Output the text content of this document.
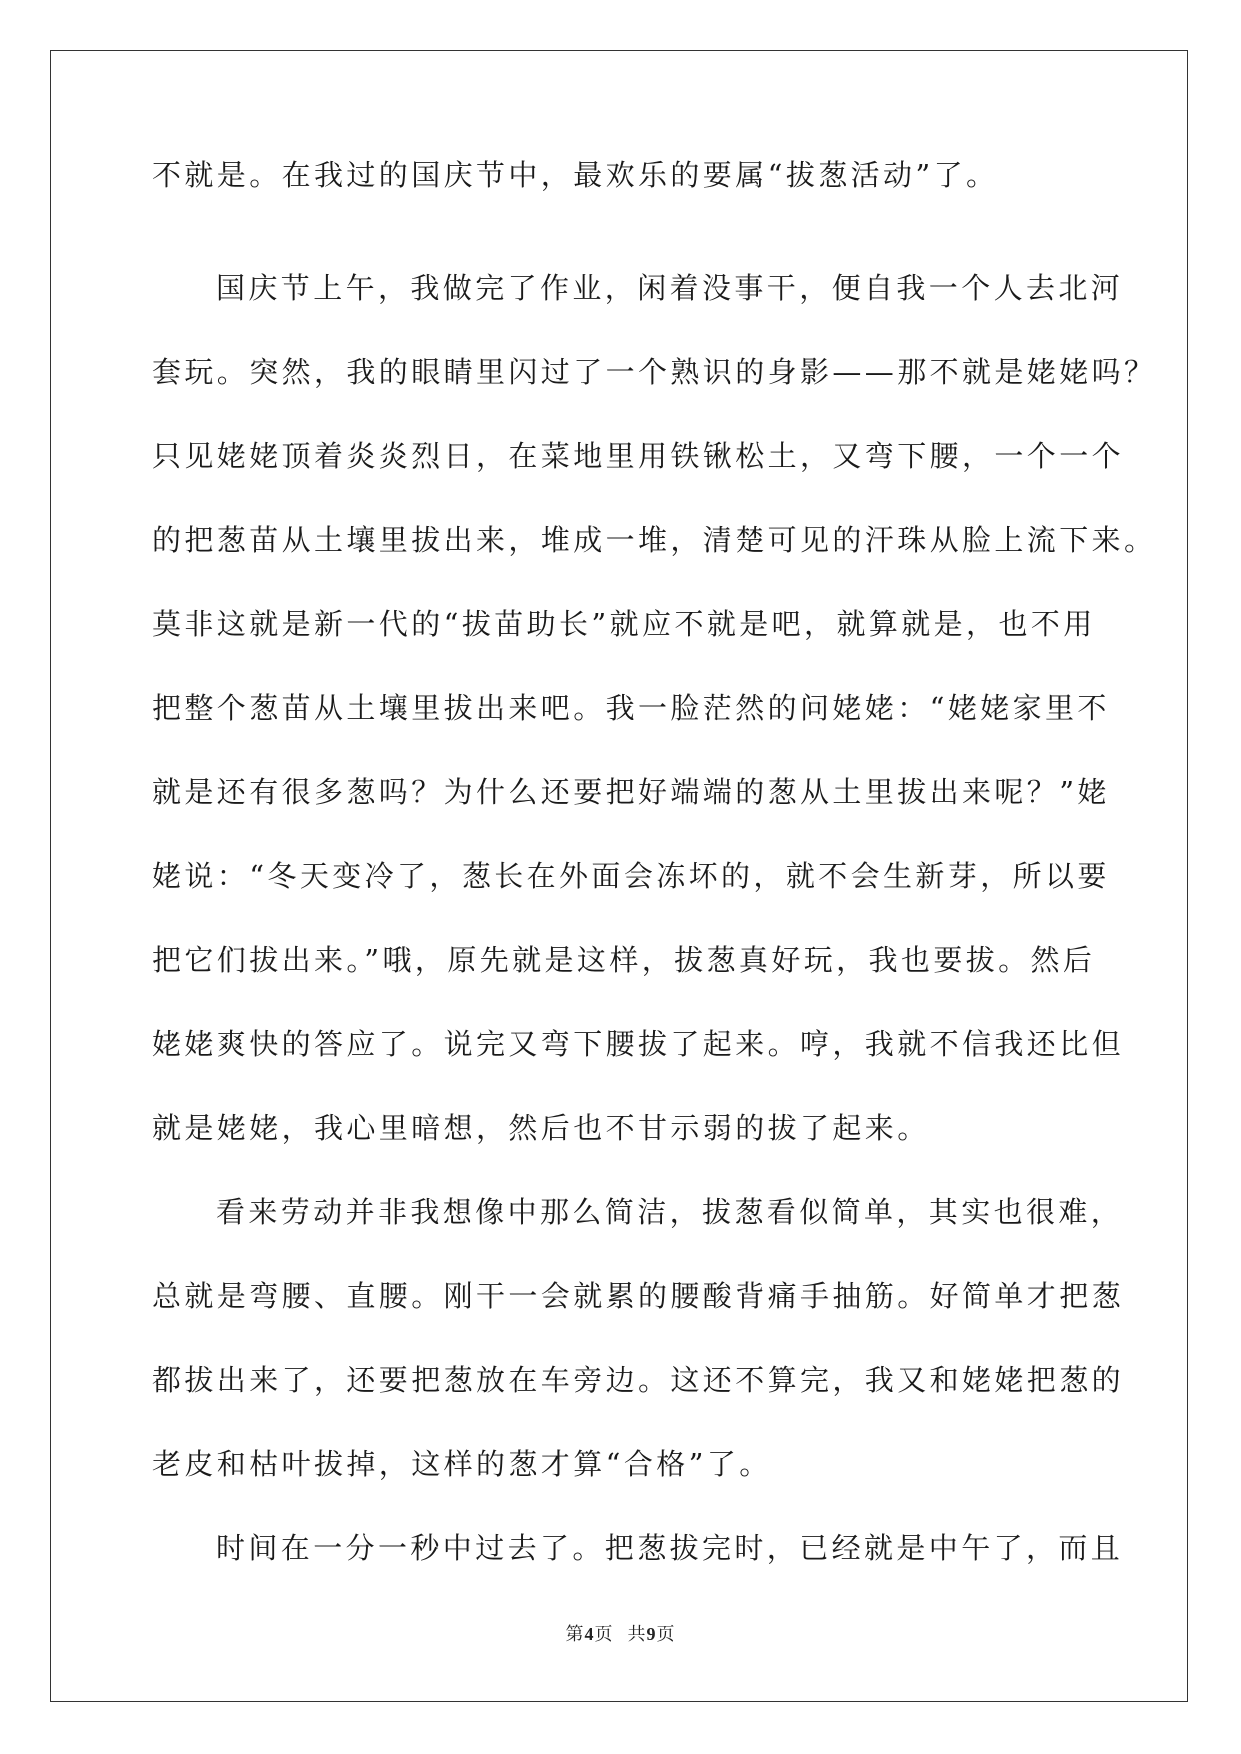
不就是。在我过的国庆节中，最欢乐的要属“拔葱活动”了。
国庆节上午，我做完了作业，闲着没事干，便自我一个人去北河
套玩。突然，我的眼睛里闪过了一个熟识的身影——那不就是姥姥吗？
只见姥姥顶着炎炎烈日，在菜地里用铁锹松土，又弯下腰，一个一个
的把葱苗从土壤里拔出来，堆成一堆，清楚可见的汗珠从脸上流下来。
莫非这就是新一代的“拔苗助长”就应不就是吧，就算就是，也不用
把整个葱苗从土壤里拔出来吧。我一脸茫然的问姥姥：“姥姥家里不
就是还有很多葱吗？为什么还要把好端端的葱从土里拔出来呢？”姥
姥说：“冬天变冷了，葱长在外面会冻坏的，就不会生新芽，所以要
把它们拔出来。”哦，原先就是这样，拔葱真好玩，我也要拔。然后
姥姥爽快的答应了。说完又弯下腰拔了起来。哼，我就不信我还比但
就是姥姥，我心里暗想，然后也不甘示弱的拔了起来。
看来劳动并非我想像中那么简洁，拔葱看似简单，其实也很难，
总就是弯腰、直腰。刚干一会就累的腰酸背痛手抽筋。好简单才把葱
都拔出来了，还要把葱放在车旁边。这还不算完，我又和姥姥把葱的
老皮和枯叶拔掉，这样的葱才算“合格”了。
时间在一分一秒中过去了。把葱拔完时，已经就是中午了，而且
第4页 共9页
